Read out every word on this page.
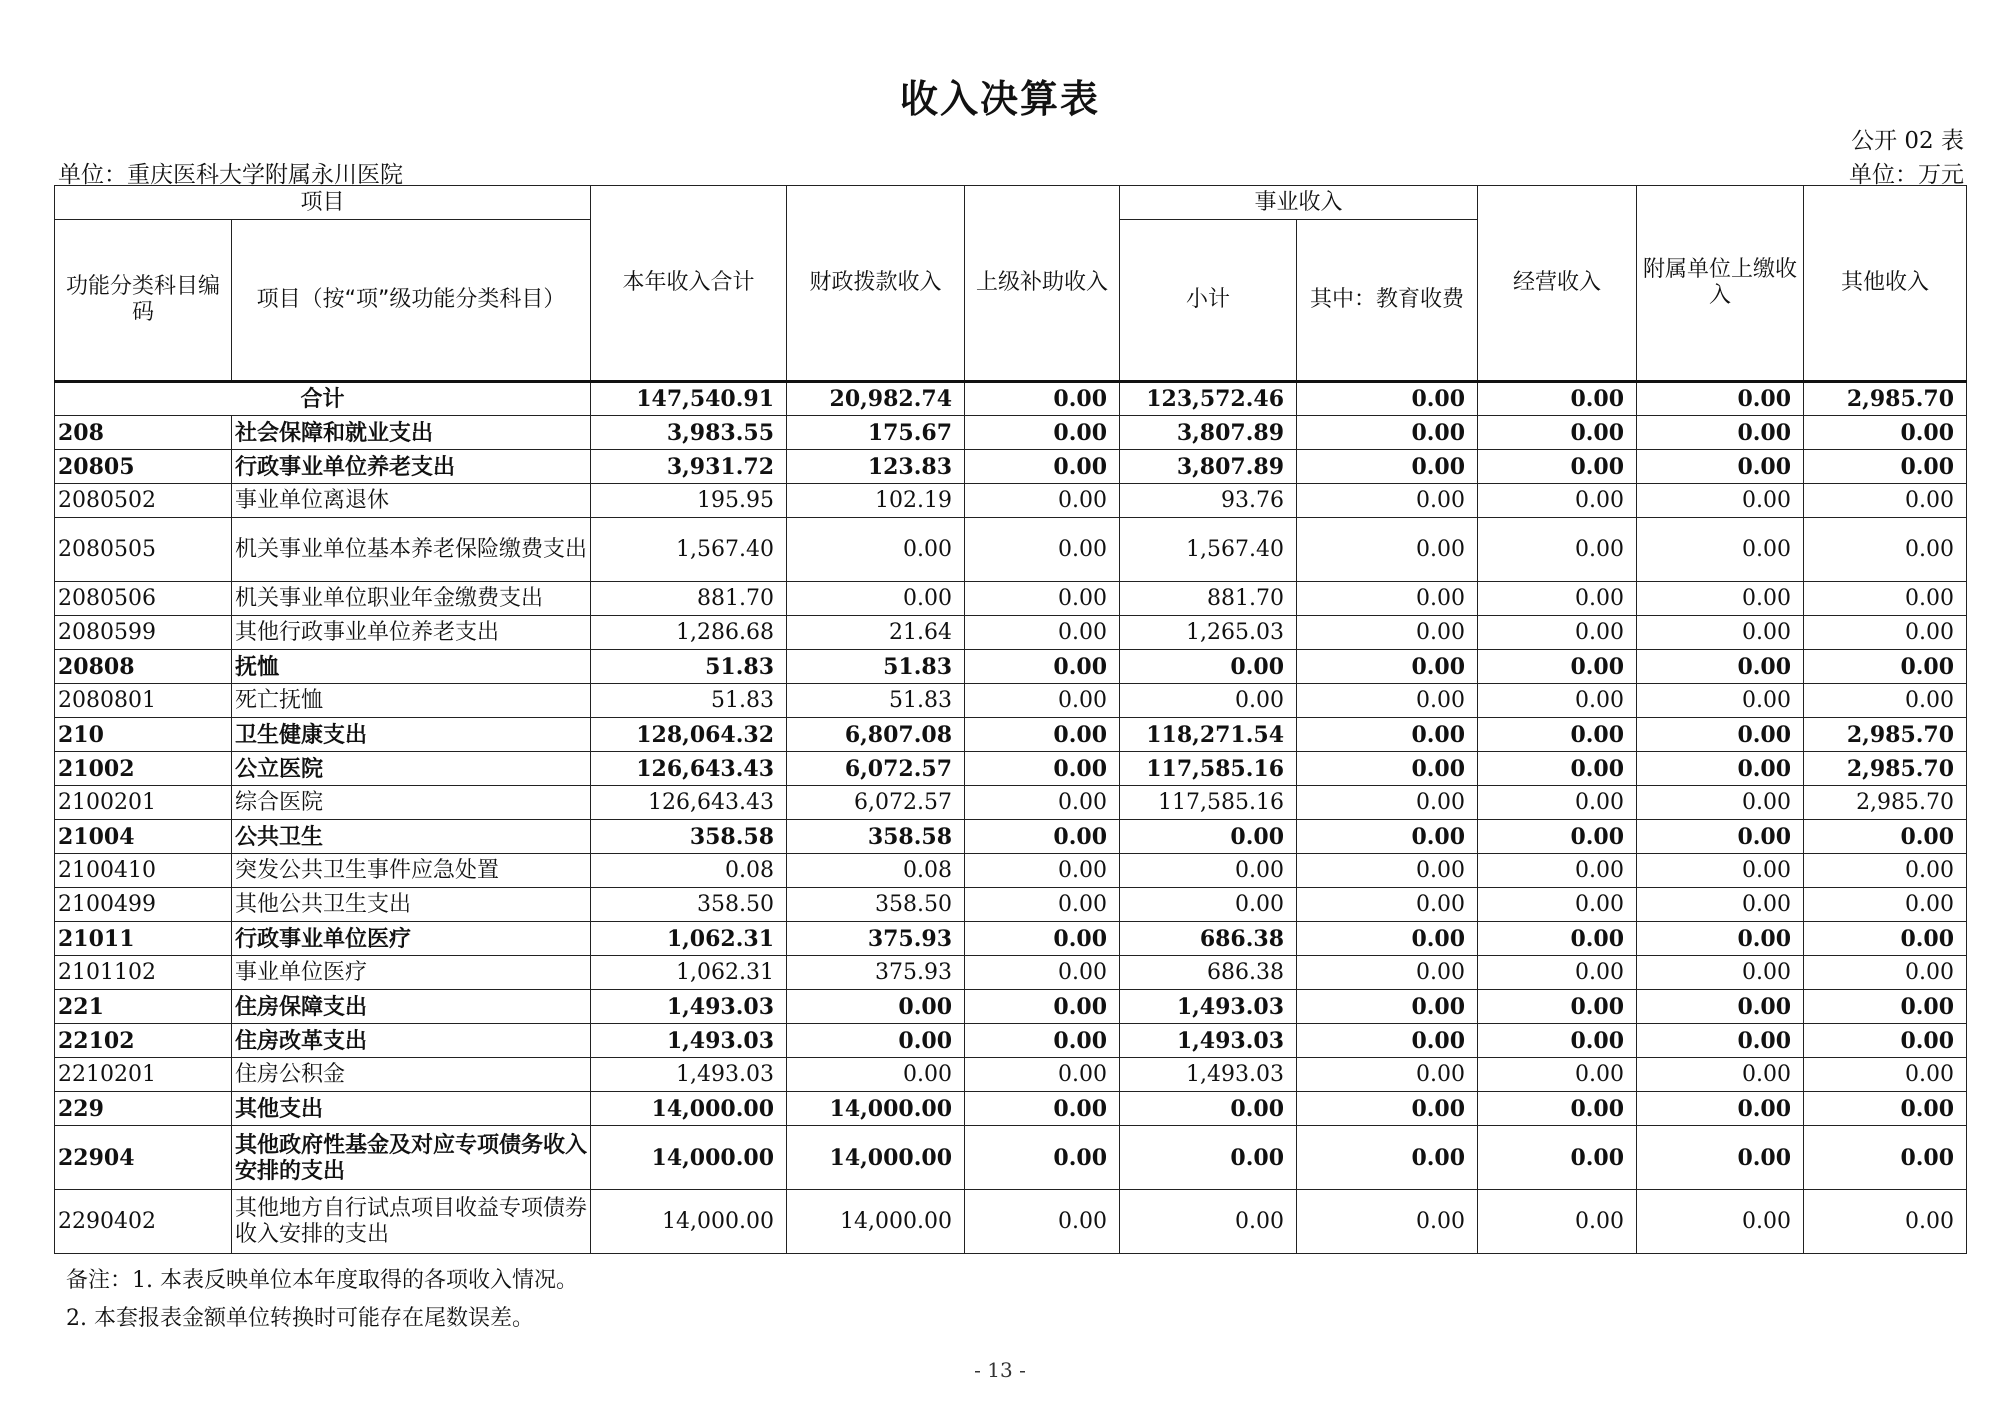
收入决算表
公开 02 表
单位：重庆医科大学附属永川医院	单位：万元
项目		本年收入合计	财政拨款收入	上级补助收入	事业收入		经营收入	附属单位上缴收入	其他收入
功能分类科目编码	项目（按“项”级功能分类科目）				小计	其中：教育收费			
合计		147,540.91	20,982.74	0.00	123,572.46	0.00	0.00	0.00	2,985.70
208	社会保障和就业支出	3,983.55	175.67	0.00	3,807.89	0.00	0.00	0.00	0.00
20805	行政事业单位养老支出	3,931.72	123.83	0.00	3,807.89	0.00	0.00	0.00	0.00
2080502	事业单位离退休	195.95	102.19	0.00	93.76	0.00	0.00	0.00	0.00
2080505	机关事业单位基本养老保险缴费支出	1,567.40	0.00	0.00	1,567.40	0.00	0.00	0.00	0.00
2080506	机关事业单位职业年金缴费支出	881.70	0.00	0.00	881.70	0.00	0.00	0.00	0.00
2080599	其他行政事业单位养老支出	1,286.68	21.64	0.00	1,265.03	0.00	0.00	0.00	0.00
20808	抚恤	51.83	51.83	0.00	0.00	0.00	0.00	0.00	0.00
2080801	死亡抚恤	51.83	51.83	0.00	0.00	0.00	0.00	0.00	0.00
210	卫生健康支出	128,064.32	6,807.08	0.00	118,271.54	0.00	0.00	0.00	2,985.70
21002	公立医院	126,643.43	6,072.57	0.00	117,585.16	0.00	0.00	0.00	2,985.70
2100201	综合医院	126,643.43	6,072.57	0.00	117,585.16	0.00	0.00	0.00	2,985.70
21004	公共卫生	358.58	358.58	0.00	0.00	0.00	0.00	0.00	0.00
2100410	突发公共卫生事件应急处置	0.08	0.08	0.00	0.00	0.00	0.00	0.00	0.00
2100499	其他公共卫生支出	358.50	358.50	0.00	0.00	0.00	0.00	0.00	0.00
21011	行政事业单位医疗	1,062.31	375.93	0.00	686.38	0.00	0.00	0.00	0.00
2101102	事业单位医疗	1,062.31	375.93	0.00	686.38	0.00	0.00	0.00	0.00
221	住房保障支出	1,493.03	0.00	0.00	1,493.03	0.00	0.00	0.00	0.00
22102	住房改革支出	1,493.03	0.00	0.00	1,493.03	0.00	0.00	0.00	0.00
2210201	住房公积金	1,493.03	0.00	0.00	1,493.03	0.00	0.00	0.00	0.00
229	其他支出	14,000.00	14,000.00	0.00	0.00	0.00	0.00	0.00	0.00
22904	其他政府性基金及对应专项债务收入安排的支出	14,000.00	14,000.00	0.00	0.00	0.00	0.00	0.00	0.00
2290402	其他地方自行试点项目收益专项债券收入安排的支出	14,000.00	14,000.00	0.00	0.00	0.00	0.00	0.00	0.00
备注：1. 本表反映单位本年度取得的各项收入情况。
2. 本套报表金额单位转换时可能存在尾数误差。
- 13 -
